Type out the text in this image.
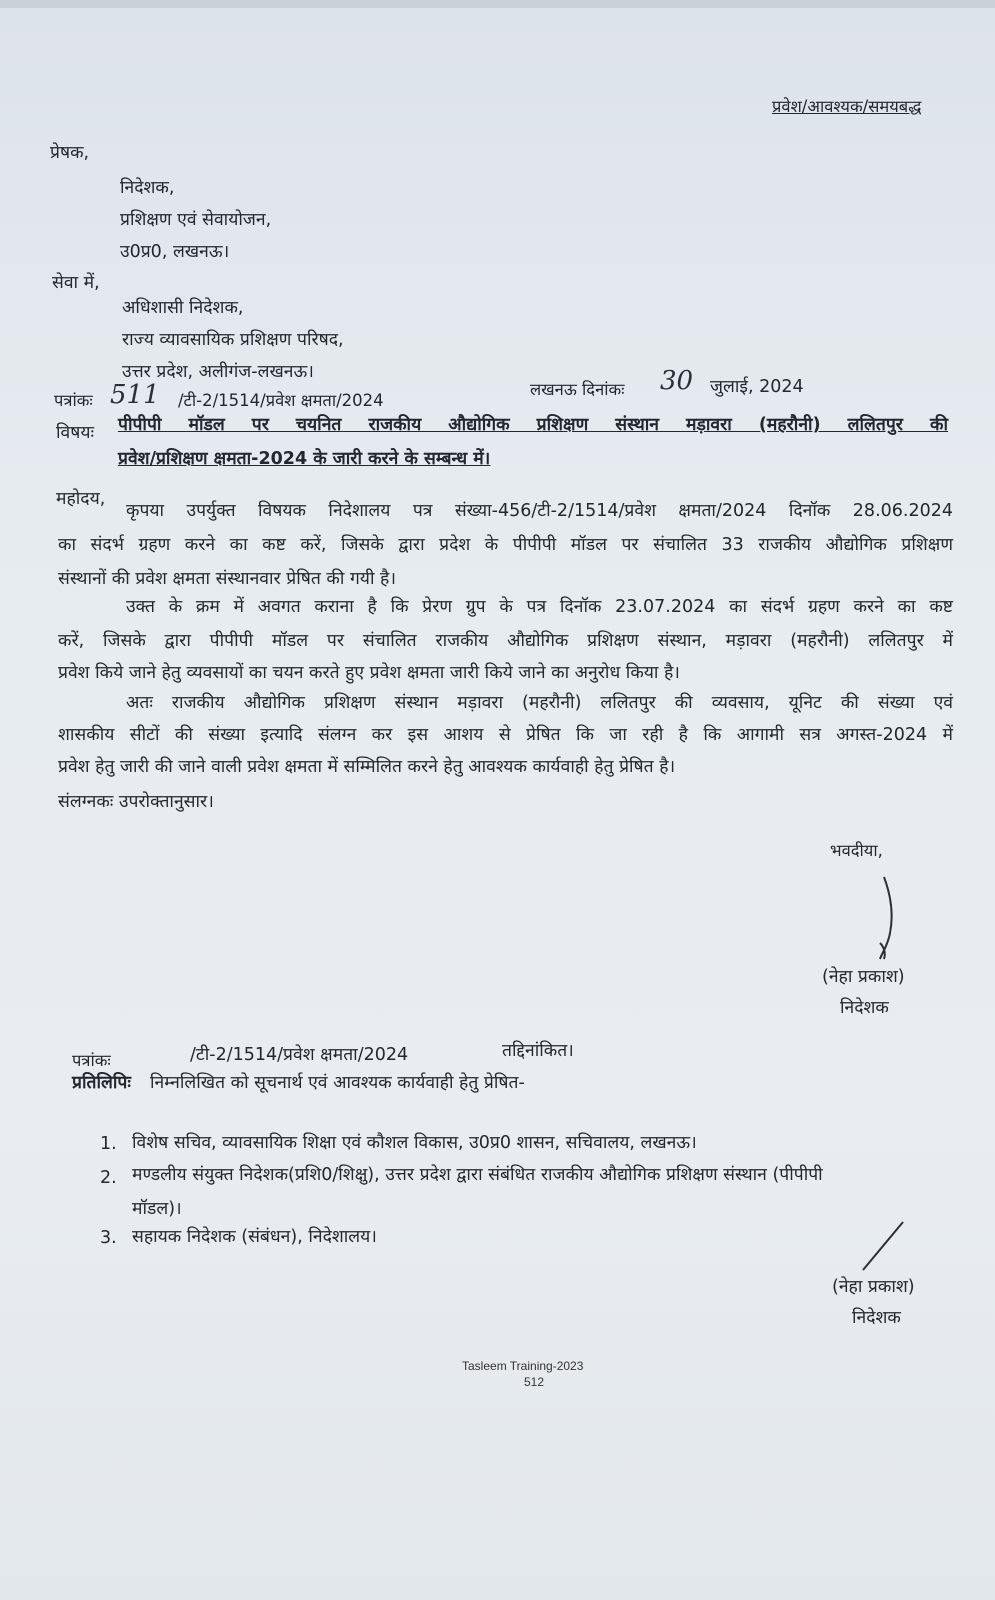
प्रवेश/आवश्यक/समयबद्ध
प्रेषक,
निदेशक,
प्रशिक्षण एवं सेवायोजन,
उ0प्र0, लखनऊ।
सेवा में,
अधिशासी निदेशक,
राज्य व्यावसायिक प्रशिक्षण परिषद,
उत्तर प्रदेश, अलीगंज-लखनऊ।
पत्रांकः 511 /टी-2/1514/प्रवेश क्षमता/2024
लखनऊ दिनांकः 30 जुलाई, 2024
विषयः पीपीपी मॉडल पर चयनित राजकीय औद्योगिक प्रशिक्षण संस्थान मड़ावरा (महरौनी) ललितपुर की
प्रवेश/प्रशिक्षण क्षमता-2024 के जारी करने के सम्बन्ध में।
महोदय,
कृपया उपर्युक्त विषयक निदेशालय पत्र संख्या-456/टी-2/1514/प्रवेश क्षमता/2024 दिनॉक 28.06.2024
का संदर्भ ग्रहण करने का कष्ट करें, जिसके द्वारा प्रदेश के पीपीपी मॉडल पर संचालित 33 राजकीय औद्योगिक प्रशिक्षण
संस्थानों की प्रवेश क्षमता संस्थानवार प्रेषित की गयी है।
उक्त के क्रम में अवगत कराना है कि प्रेरण ग्रुप के पत्र दिनॉक 23.07.2024 का संदर्भ ग्रहण करने का कष्ट
करें, जिसके द्वारा पीपीपी मॉडल पर संचालित राजकीय औद्योगिक प्रशिक्षण संस्थान, मड़ावरा (महरौनी) ललितपुर में
प्रवेश किये जाने हेतु व्यवसायों का चयन करते हुए प्रवेश क्षमता जारी किये जाने का अनुरोध किया है।
अतः राजकीय औद्योगिक प्रशिक्षण संस्थान मड़ावरा (महरौनी) ललितपुर की व्यवसाय, यूनिट की संख्या एवं
शासकीय सीटों की संख्या इत्यादि संलग्न कर इस आशय से प्रेषित कि जा रही है कि आगामी सत्र अगस्त-2024 में
प्रवेश हेतु जारी की जाने वाली प्रवेश क्षमता में सम्मिलित करने हेतु आवश्यक कार्यवाही हेतु प्रेषित है।
संलग्नकः उपरोक्तानुसार।
भवदीया,
(नेहा प्रकाश)
निदेशक
पत्रांकः	/टी-2/1514/प्रवेश क्षमता/2024	तद्दिनांकित।
प्रतिलिपिः निम्नलिखित को सूचनार्थ एवं आवश्यक कार्यवाही हेतु प्रेषित-
1. विशेष सचिव, व्यावसायिक शिक्षा एवं कौशल विकास, उ0प्र0 शासन, सचिवालय, लखनऊ।
2. मण्डलीय संयुक्त निदेशक(प्रशि0/शिक्षु), उत्तर प्रदेश द्वारा संबंधित राजकीय औद्योगिक प्रशिक्षण संस्थान (पीपीपी
मॉडल)।
3. सहायक निदेशक (संबंधन), निदेशालय।
(नेहा प्रकाश)
निदेशक
Tasleem Training-2023
512
